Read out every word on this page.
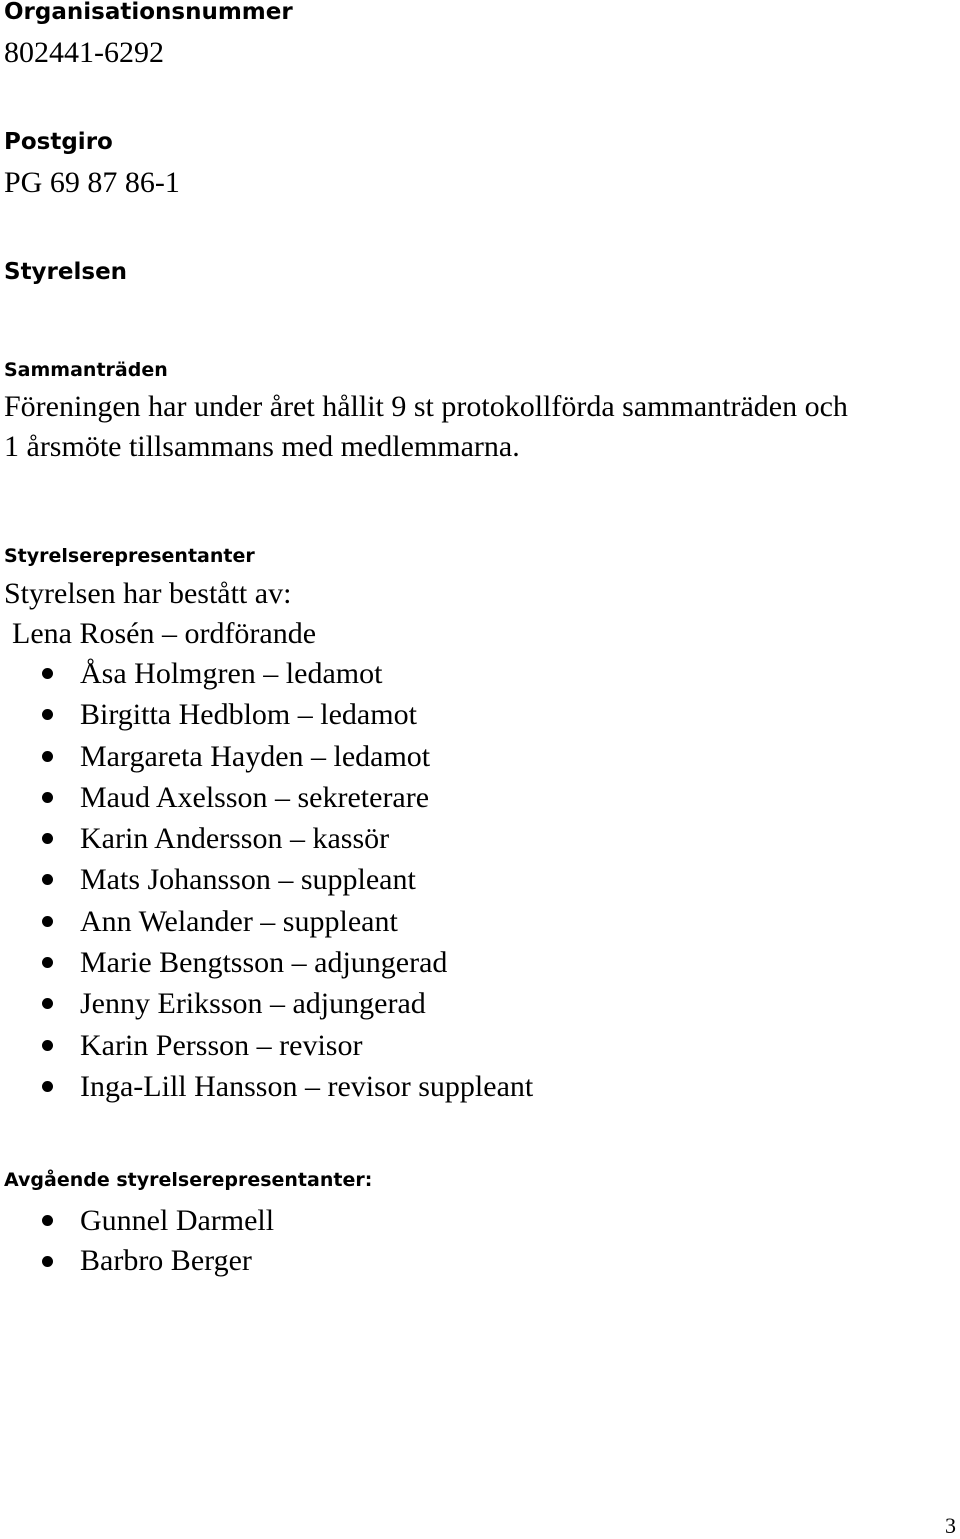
Organisationsnummer

802441-6292

Postgiro

PG 69 87 86-1

Styrelsen
Sammanträden

Föreningen har under året hållit 9 st protokollförda sammanträden och

1 årsmöte tillsammans med medlemmarna.

Styrelserepresentanter

Styrelsen har bestått av:

Lena Rosén – ordförande

Åsa Holmgren – ledamot
Birgitta Hedblom – ledamot
Margareta Hayden – ledamot
Maud Axelsson – sekreterare
Karin Andersson – kassör
Mats Johansson – suppleant
Ann Welander – suppleant
Marie Bengtsson – adjungerad
Jenny Eriksson – adjungerad
Karin Persson – revisor
Inga-Lill Hansson – revisor suppleant
Avgående styrelserepresentanter:
Gunnel Darmell
Barbro Berger
3
